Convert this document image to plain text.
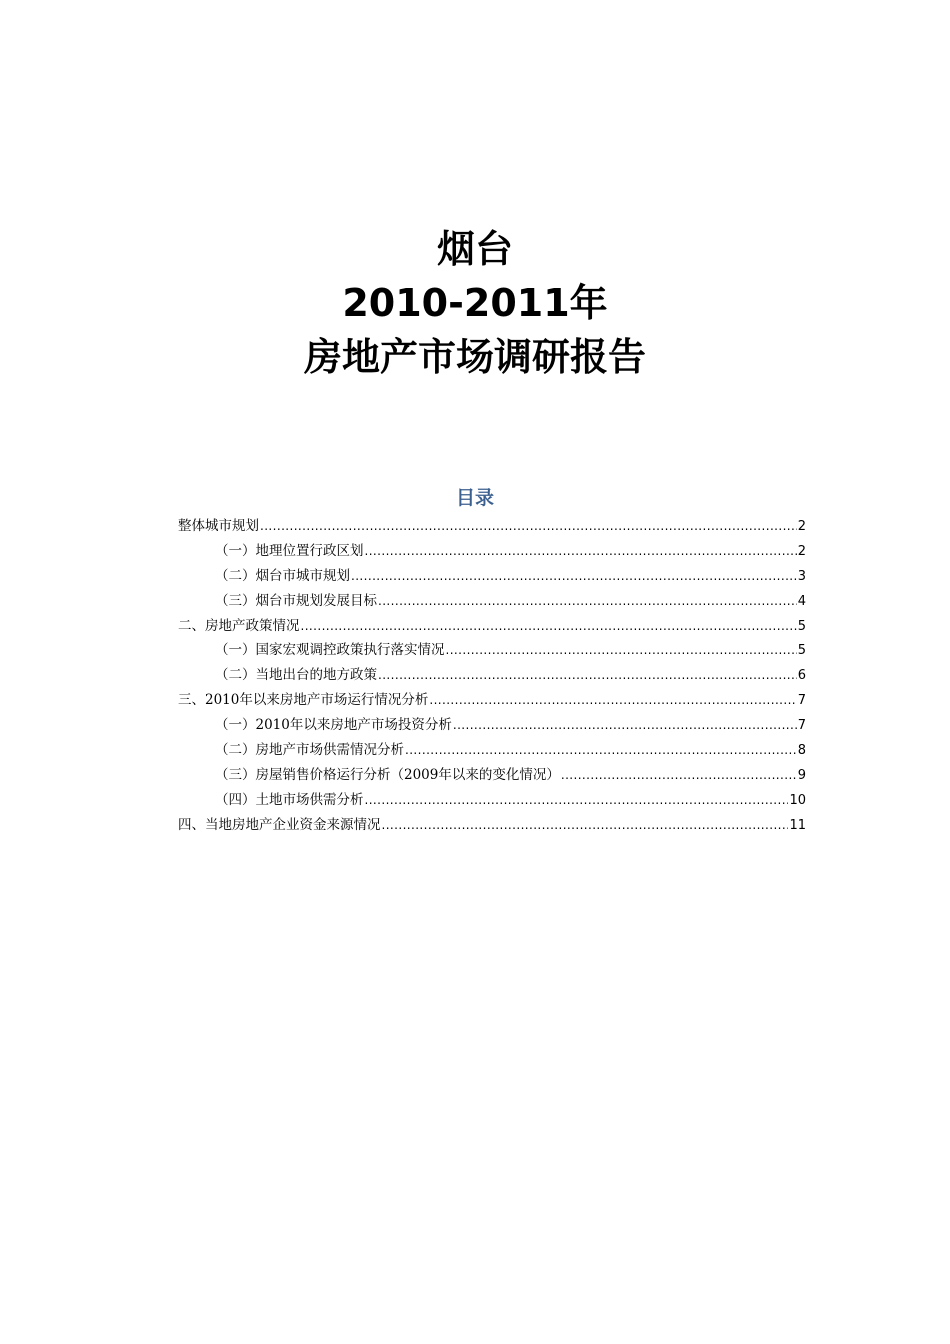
烟台
2010-2011年
房地产市场调研报告
目录
整体城市规划 .....	2
（一）地理位置行政区划 .....	2
（二）烟台市城市规划 .....	3
（三）烟台市规划发展目标 .....	4
二、房地产政策情况 .....	5
（一）国家宏观调控政策执行落实情况 .....	5
（二）当地出台的地方政策 .....	6
三、2010年以来房地产市场运行情况分析 .....	7
（一）2010年以来房地产市场投资分析 .....	7
（二）房地产市场供需情况分析 .....	8
（三）房屋销售价格运行分析（2009年以来的变化情况） .....	9
（四）土地市场供需分析 .....	10
四、当地房地产企业资金来源情况 .....	11
